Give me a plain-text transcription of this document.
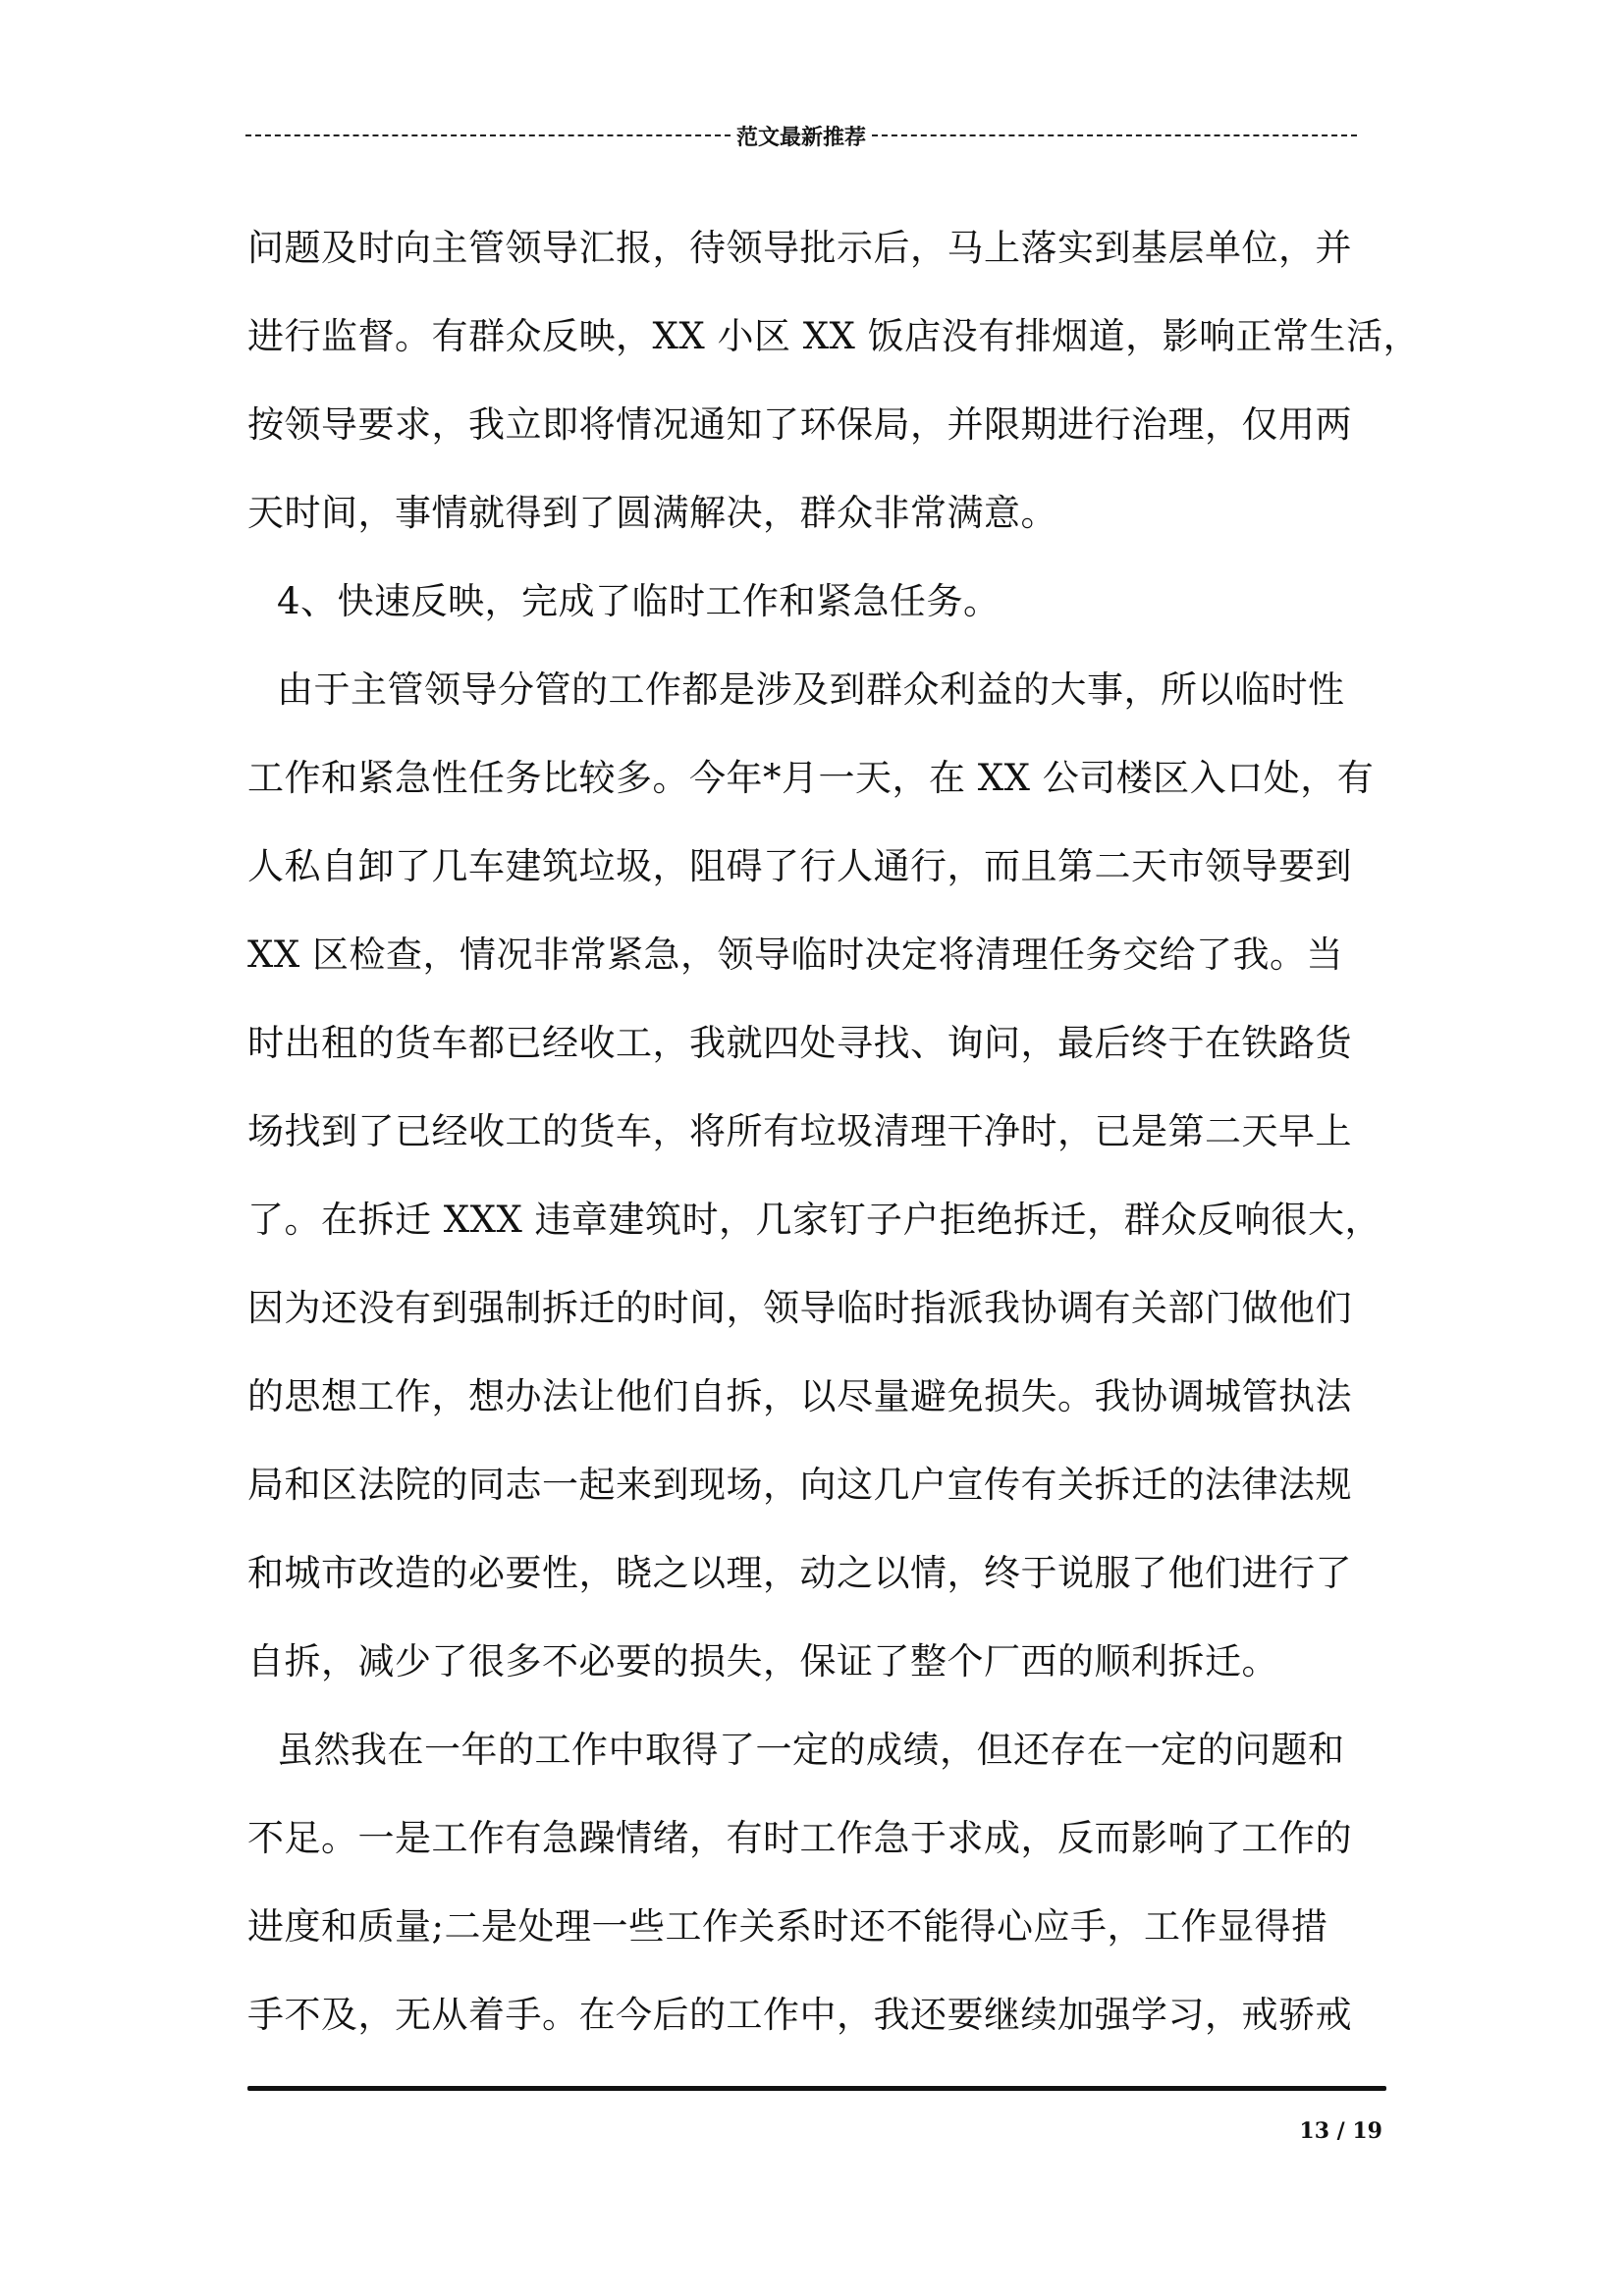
范文最新推荐
问题及时向主管领导汇报，待领导批示后，马上落实到基层单位，并
进行监督。有群众反映，XX 小区 XX 饭店没有排烟道，影响正常生活，
按领导要求，我立即将情况通知了环保局，并限期进行治理，仅用两
天时间，事情就得到了圆满解决，群众非常满意。
4、快速反映，完成了临时工作和紧急任务。
由于主管领导分管的工作都是涉及到群众利益的大事，所以临时性
工作和紧急性任务比较多。今年*月一天，在 XX 公司楼区入口处，有
人私自卸了几车建筑垃圾，阻碍了行人通行，而且第二天市领导要到
XX 区检查，情况非常紧急，领导临时决定将清理任务交给了我。当
时出租的货车都已经收工，我就四处寻找、询问，最后终于在铁路货
场找到了已经收工的货车，将所有垃圾清理干净时，已是第二天早上
了。在拆迁 XXX 违章建筑时，几家钉子户拒绝拆迁，群众反响很大，
因为还没有到强制拆迁的时间，领导临时指派我协调有关部门做他们
的思想工作，想办法让他们自拆，以尽量避免损失。我协调城管执法
局和区法院的同志一起来到现场，向这几户宣传有关拆迁的法律法规
和城市改造的必要性，晓之以理，动之以情，终于说服了他们进行了
自拆，减少了很多不必要的损失，保证了整个厂西的顺利拆迁。
虽然我在一年的工作中取得了一定的成绩，但还存在一定的问题和
不足。一是工作有急躁情绪，有时工作急于求成，反而影响了工作的
进度和质量;二是处理一些工作关系时还不能得心应手，工作显得措
手不及，无从着手。在今后的工作中，我还要继续加强学习，戒骄戒
13 / 19
